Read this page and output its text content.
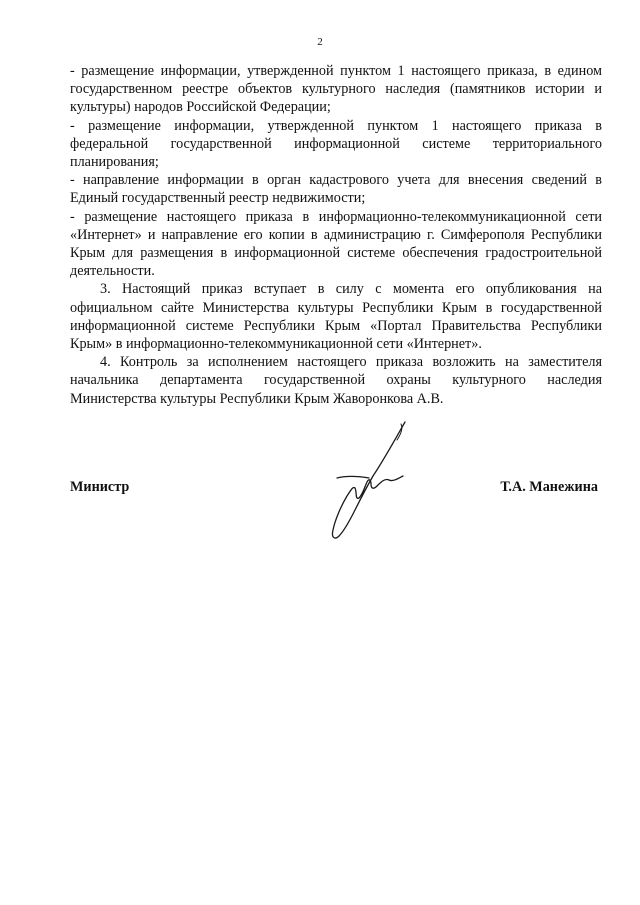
2

- размещение информации, утвержденной пунктом 1 настоящего приказа, в едином государственном реестре объектов культурного наследия (памятников истории и культуры) народов Российской Федерации;

- размещение информации, утвержденной пунктом 1 настоящего приказа в федеральной государственной информационной системе территориального планирования;

- направление информации в орган кадастрового учета для внесения сведений в Единый государственный реестр недвижимости;

- размещение настоящего приказа в информационно-телекоммуникационной сети «Интернет» и направление его копии в администрацию г. Симферополя Республики Крым для размещения в информационной системе обеспечения градостроительной деятельности.

3. Настоящий приказ вступает в силу с момента его опубликования на официальном сайте Министерства культуры Республики Крым в государственной информационной системе Республики Крым «Портал Правительства Республики Крым» в информационно-телекоммуникационной сети «Интернет».

4. Контроль за исполнением настоящего приказа возложить на заместителя начальника департамента государственной охраны культурного наследия Министерства культуры Республики Крым Жаворонкова А.В.

Министр	Т.А. Манежина
